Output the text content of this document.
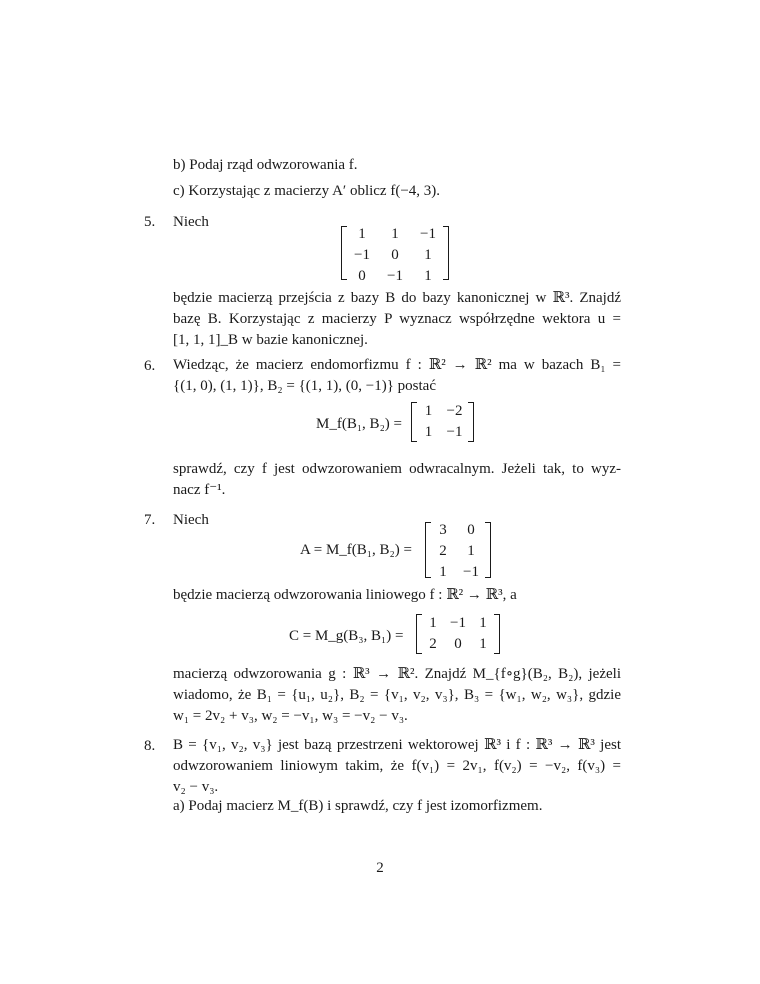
b) Podaj rząd odwzorowania f.
c) Korzystając z macierzy A′ oblicz f(−4, 3).
5. Niech
1	1	−1
−1	0	1
0	−1	1
będzie macierzą przejścia z bazy B do bazy kanonicznej w ℝ³. Znajdź
bazę B. Korzystając z macierzy P wyznacz współrzędne wektora u =
[1, 1, 1]_B w bazie kanonicznej.
6. Wiedząc, że macierz endomorfizmu f : ℝ² → ℝ² ma w bazach B₁ =
{(1, 0), (1, 1)}, B₂ = {(1, 1), (0, −1)} postać
M_f(B₁, B₂) =
1	−2
1	−1
sprawdź, czy f jest odwzorowaniem odwracalnym. Jeżeli tak, to wyz-
nacz f⁻¹.
7. Niech
A = M_f(B₁, B₂) =
3	0
2	1
1	−1
będzie macierzą odwzorowania liniowego f : ℝ² → ℝ³, a
C = M_g(B₃, B₁) =
1	−1	1
2	0	1
macierzą odwzorowania g : ℝ³ → ℝ². Znajdź M_{f∘g}(B₂, B₂), jeżeli
wiadomo, że B₁ = {u₁, u₂}, B₂ = {v₁, v₂, v₃}, B₃ = {w₁, w₂, w₃}, gdzie
w₁ = 2v₂ + v₃, w₂ = −v₁, w₃ = −v₂ − v₃.
8. B = {v₁, v₂, v₃} jest bazą przestrzeni wektorowej ℝ³ i f : ℝ³ → ℝ³ jest
odwzorowaniem liniowym takim, że f(v₁) = 2v₁, f(v₂) = −v₂, f(v₃) =
v₂ − v₃.
a) Podaj macierz M_f(B) i sprawdź, czy f jest izomorfizmem.
2
